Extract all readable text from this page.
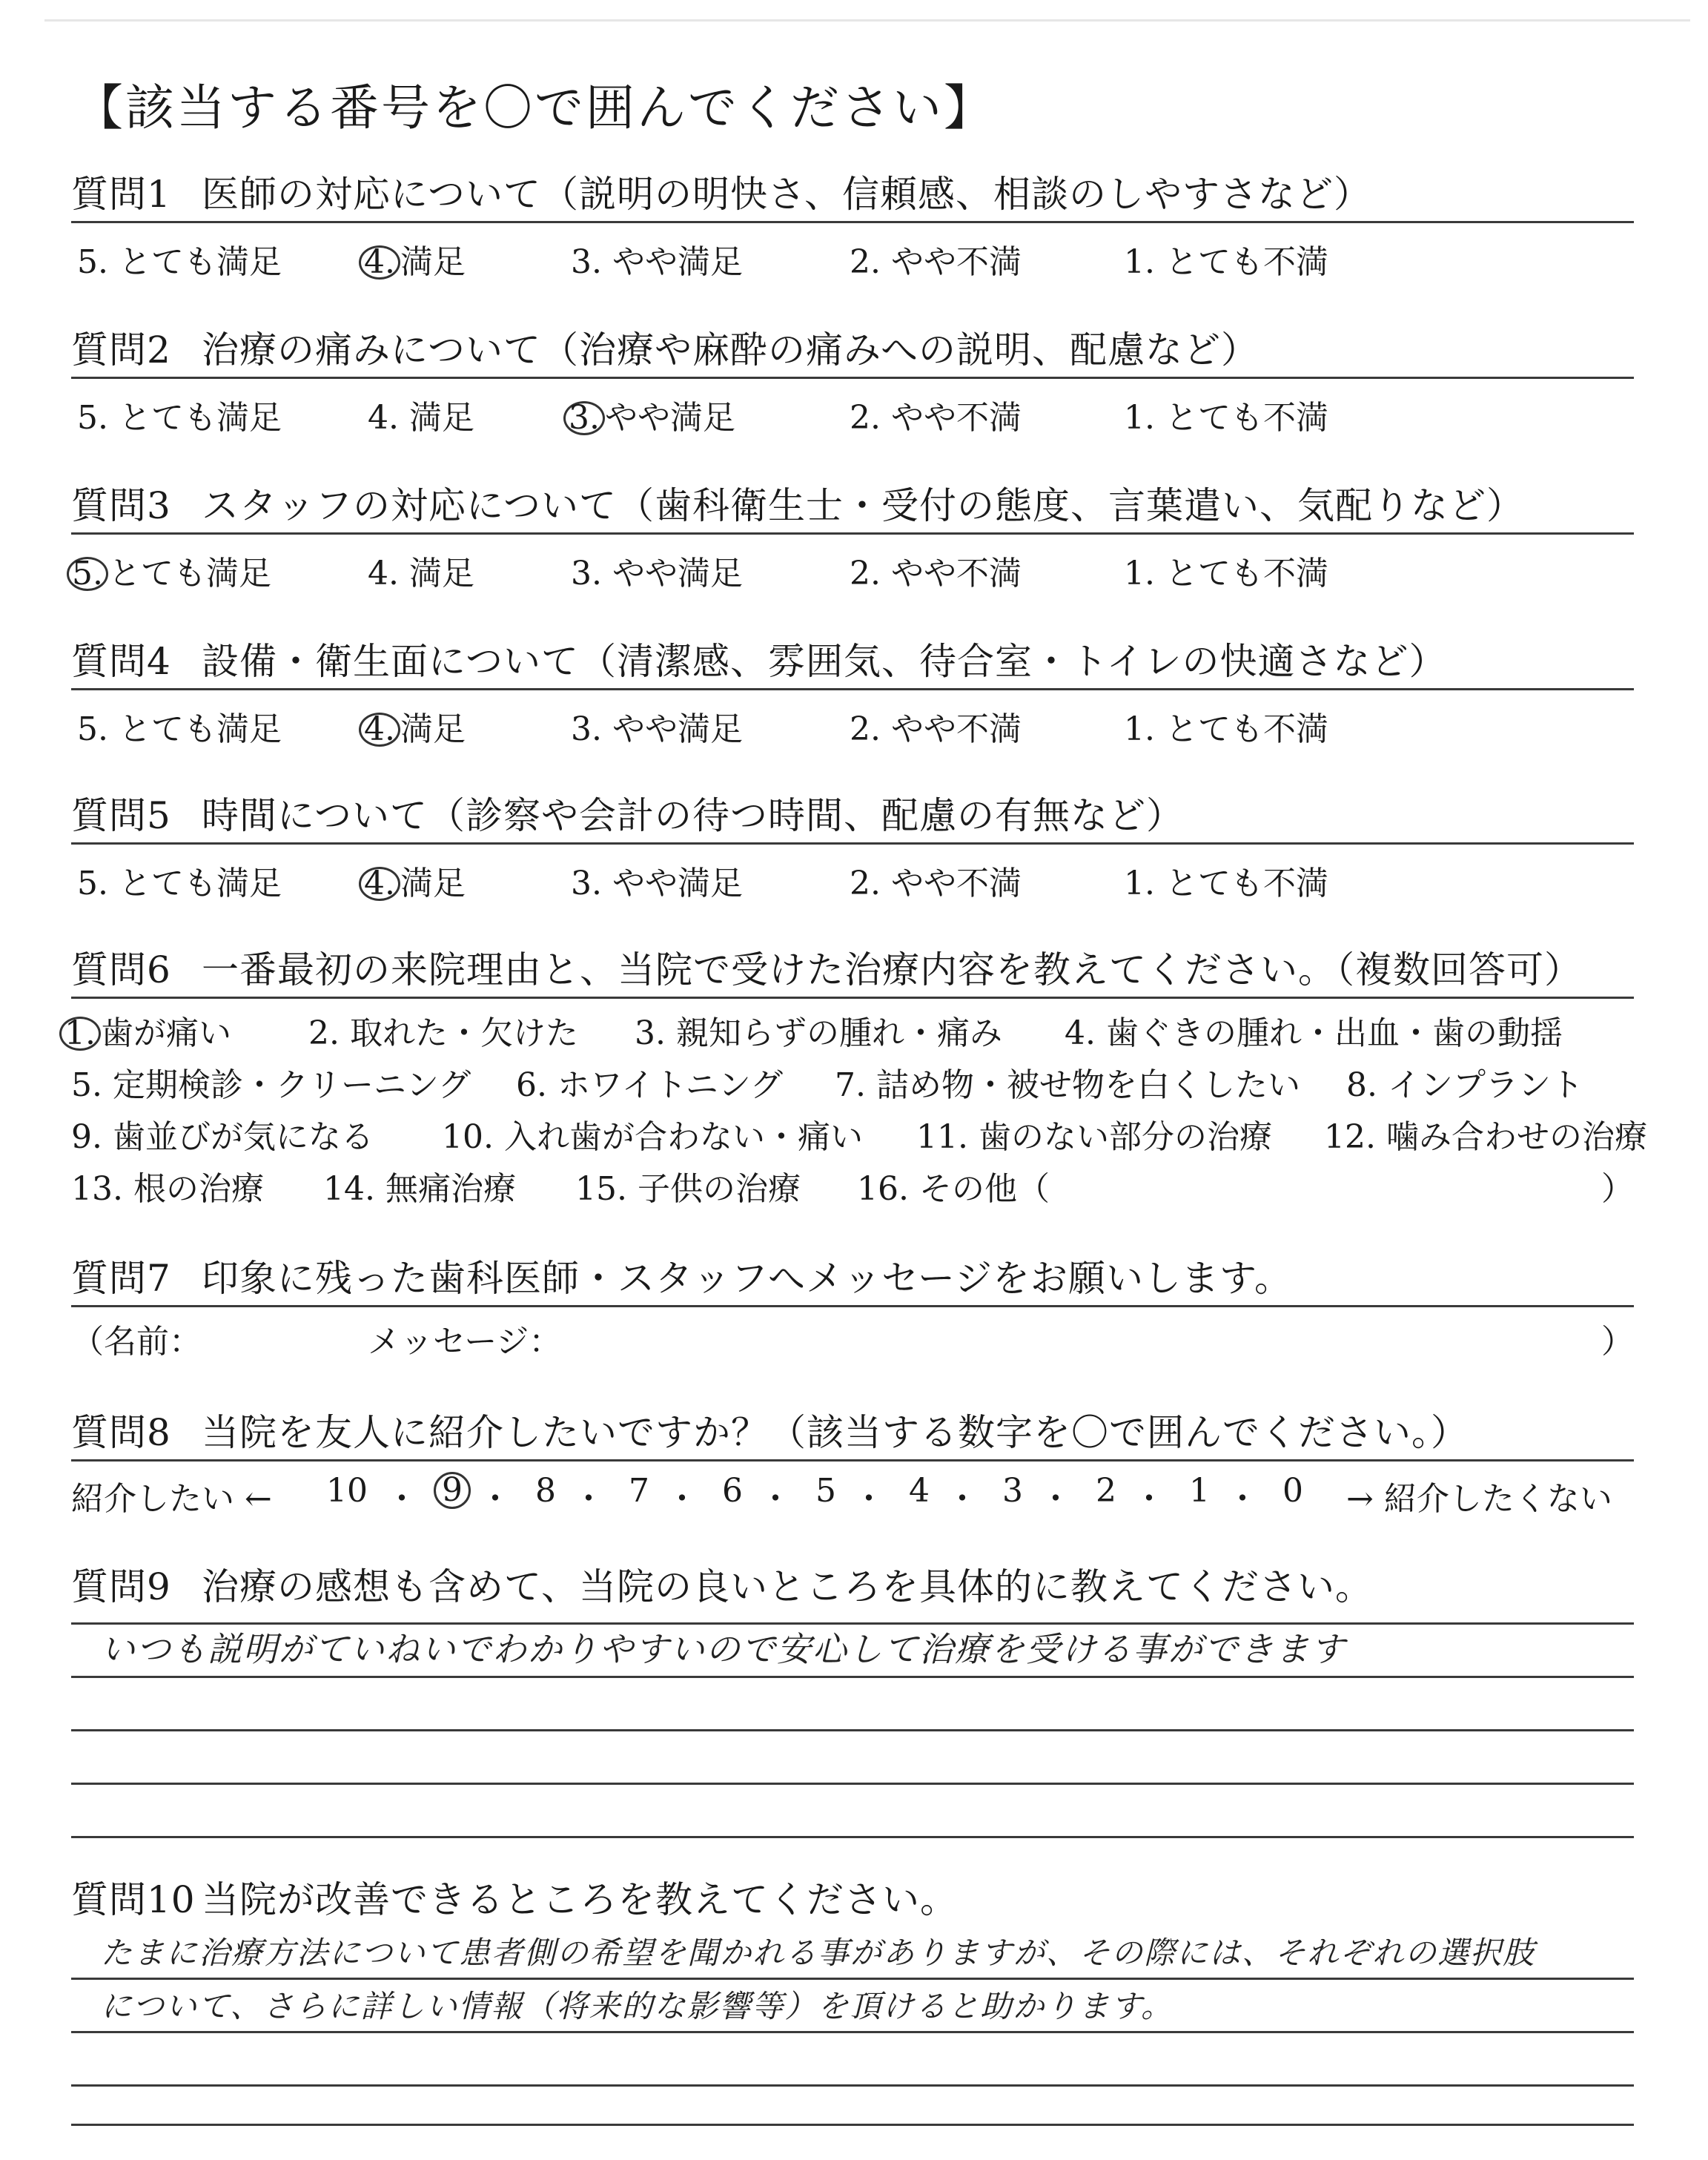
【該当する番号を〇で囲んでください】
質問1 医師の対応について（説明の明快さ、信頼感、相談のしやすさなど）
5. とても満足	4. 満足	3. やや満足	2. やや不満	1. とても不満
質問2 治療の痛みについて（治療や麻酔の痛みへの説明、配慮など）
5. とても満足	4. 満足	3. やや満足	2. やや不満	1. とても不満
質問3 スタッフの対応について（歯科衛生士・受付の態度、言葉遣い、気配りなど）
5. とても満足	4. 満足	3. やや満足	2. やや不満	1. とても不満
質問4 設備・衛生面について（清潔感、雰囲気、待合室・トイレの快適さなど）
5. とても満足	4. 満足	3. やや満足	2. やや不満	1. とても不満
質問5 時間について（診察や会計の待つ時間、配慮の有無など）
5. とても満足	4. 満足	3. やや満足	2. やや不満	1. とても不満
質問6 一番最初の来院理由と、当院で受けた治療内容を教えてください。（複数回答可）
1. 歯が痛い 2. 取れた・欠けた 3. 親知らずの腫れ・痛み 4. 歯ぐきの腫れ・出血・歯の動揺
5. 定期検診・クリーニング 6. ホワイトニング 7. 詰め物・被せ物を白くしたい 8. インプラント
9. 歯並びが気になる 10. 入れ歯が合わない・痛い 11. 歯のない部分の治療 12. 噛み合わせの治療
13. 根の治療 14. 無痛治療 15. 子供の治療 16. その他（	）
質問7 印象に残った歯科医師・スタッフへメッセージをお願いします。
（名前：	メッセージ：	）
質問8 当院を友人に紹介したいですか？（該当する数字を〇で囲んでください。）
紹介したい ← 10 ・ 9 ・ 8 ・ 7 ・ 6 ・ 5 ・ 4 ・ 3 ・ 2 ・ 1 ・ 0 → 紹介したくない
質問9 治療の感想も含めて、当院の良いところを具体的に教えてください。
いつも説明がていねいでわかりやすいので安心して治療を受ける事ができます
質問10 当院が改善できるところを教えてください。
たまに治療方法について患者側の希望を聞かれる事がありますが、その際には、それぞれの選択肢
について、さらに詳しい情報（将来的な影響等）を頂けると助かります。
